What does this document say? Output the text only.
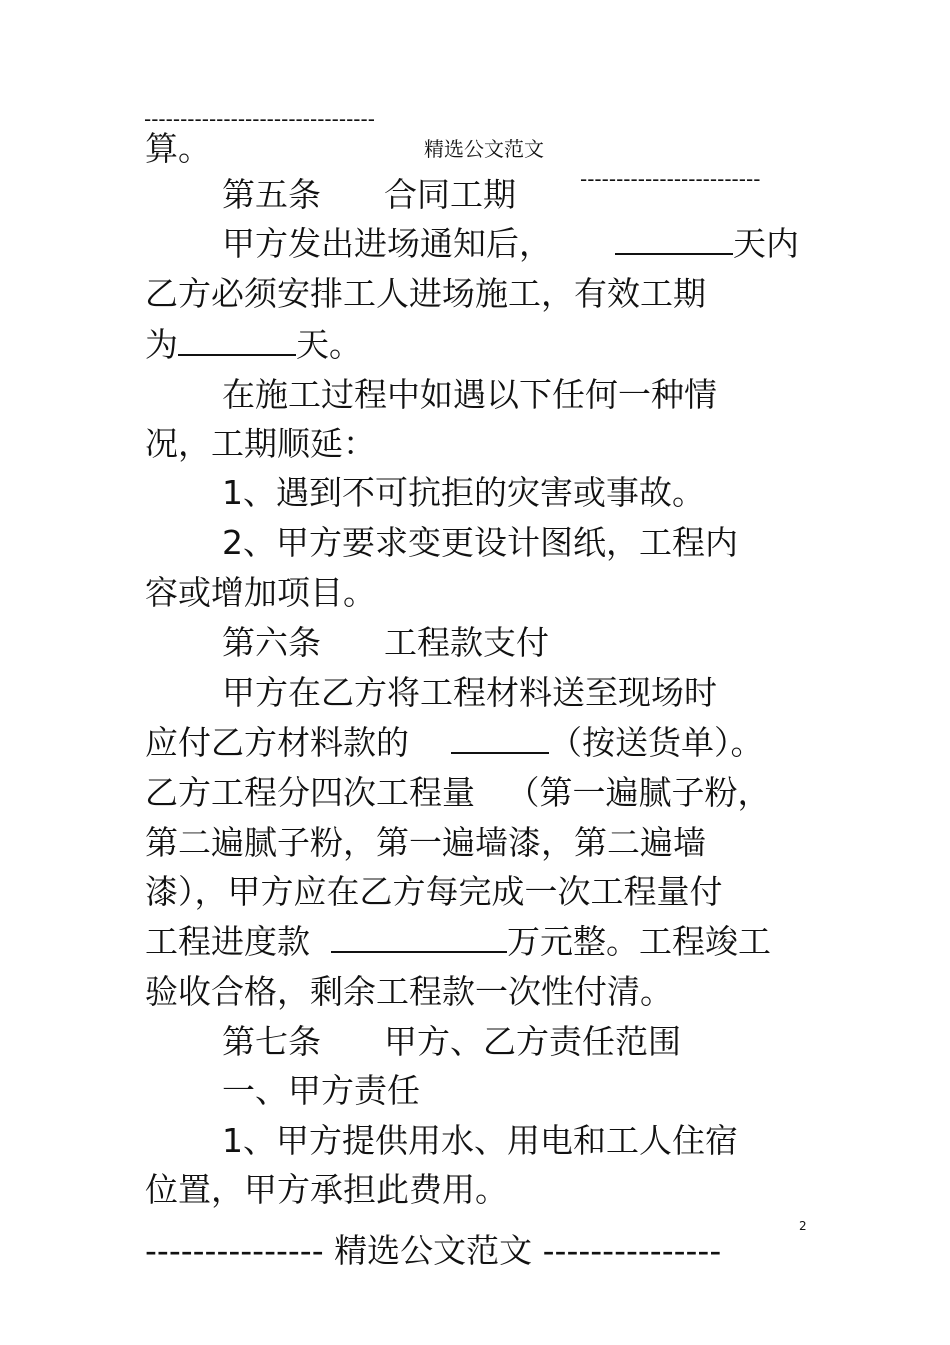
--------------------------------

精选公文范文

-------------------------

算。
第五条      合同工期
甲方发出进场通知后，	天内
乙方必须安排工人进场施工，有效工期
为	天。
在施工过程中如遇以下任何一种情
况，工期顺延：
1、遇到不可抗拒的灾害或事故。
2、甲方要求变更设计图纸，工程内
容或增加项目。
第六条      工程款支付
甲方在乙方将工程材料送至现场时
应付乙方材料款的	（按送货单）。
乙方工程分四次工程量   （第一遍腻子粉，
第二遍腻子粉，第一遍墙漆，第二遍墙
漆），甲方应在乙方每完成一次工程量付
工程进度款	万元整。工程竣工
验收合格，剩余工程款一次性付清。
第七条      甲方、乙方责任范围
一、甲方责任
1、甲方提供用水、用电和工人住宿
位置，甲方承担此费用。
2
--------------- 精选公文范文 ---------------
